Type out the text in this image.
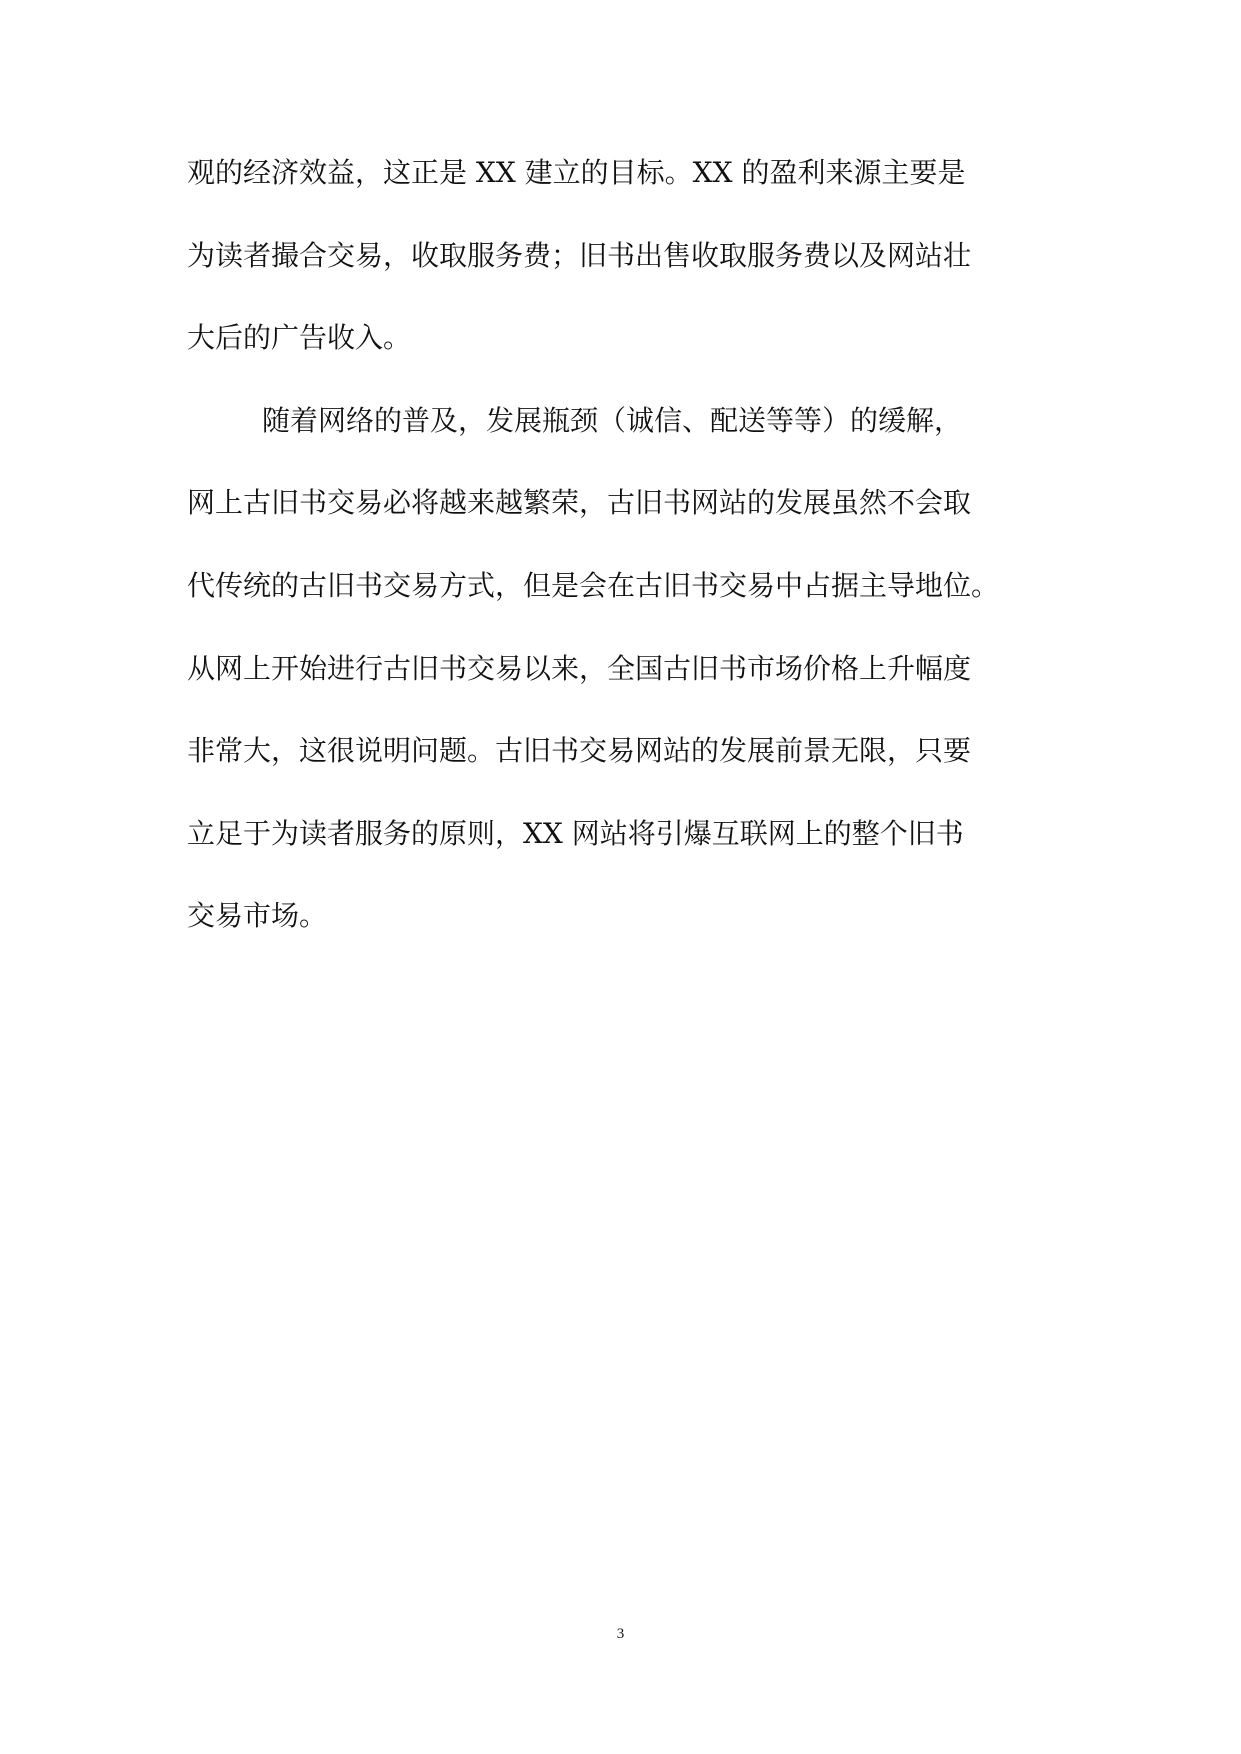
观的经济效益，这正是 XX 建立的目标。XX 的盈利来源主要是
为读者撮合交易，收取服务费；旧书出售收取服务费以及网站壮
大后的广告收入。
随着网络的普及，发展瓶颈（诚信、配送等等）的缓解，
网上古旧书交易必将越来越繁荣，古旧书网站的发展虽然不会取
代传统的古旧书交易方式，但是会在古旧书交易中占据主导地位。
从网上开始进行古旧书交易以来，全国古旧书市场价格上升幅度
非常大，这很说明问题。古旧书交易网站的发展前景无限，只要
立足于为读者服务的原则，XX 网站将引爆互联网上的整个旧书
交易市场。
3
